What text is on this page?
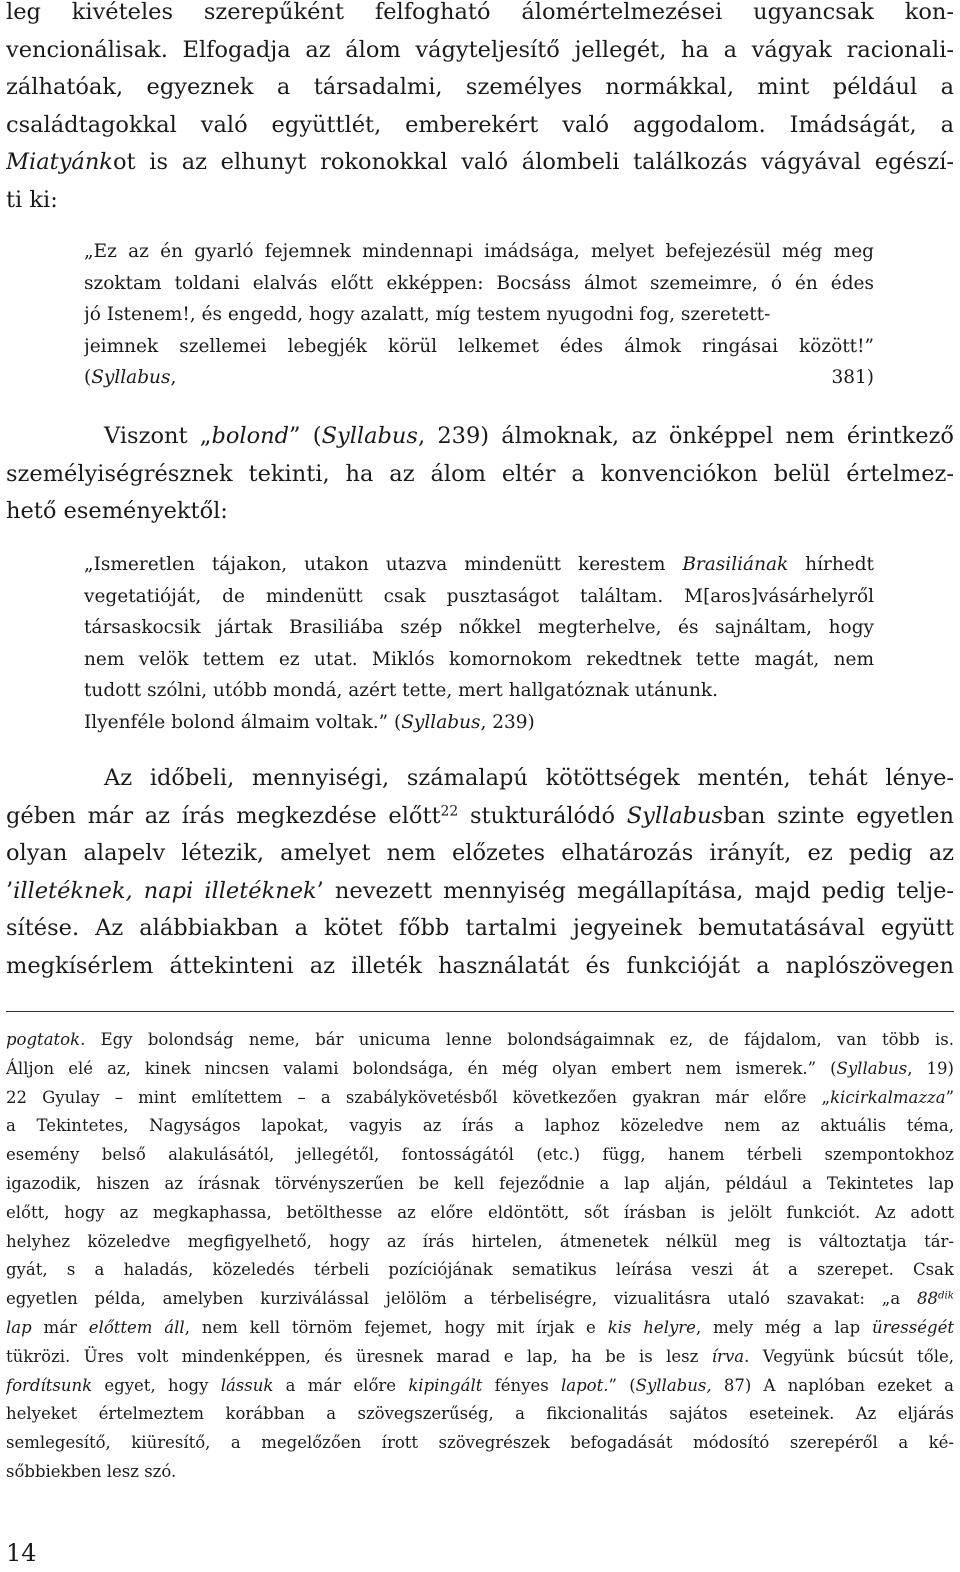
leg kivételes szerepűként felfogható álomértelmezései ugyancsak kon-
vencionálisak. Elfogadja az álom vágyteljesítő jellegét, ha a vágyak racionali-
zálhatóak, egyeznek a társadalmi, személyes normákkal, mint például a
családtagokkal való együttlét, emberekért való aggodalom. Imádságát, a
Miatyánkot is az elhunyt rokonokkal való álombeli találkozás vágyával egészí-
ti ki:
„Ez az én gyarló fejemnek mindennapi imádsága, melyet befejezésül még meg
szoktam toldani elalvás előtt ekképpen: Bocsáss álmot szemeimre, ó én édes
jó Istenem!, és engedd, hogy azalatt, míg testem nyugodni fog, szeretett-
jeimnek szellemei lebegjék körül lelkemet édes álmok ringásai között!”
(Syllabus, 381)
Viszont „bolond” (Syllabus, 239) álmoknak, az önképpel nem érintkező
személyiségrésznek tekinti, ha az álom eltér a konvenciókon belül értelmez-
hető eseményektől:
„Ismeretlen tájakon, utakon utazva mindenütt kerestem Brasiliának hírhedt
vegetatióját, de mindenütt csak pusztaságot találtam. M[aros]vásárhelyről
társaskocsik jártak Brasiliába szép nőkkel megterhelve, és sajnáltam, hogy
nem velök tettem ez utat. Miklós komornokom rekedtnek tette magát, nem
tudott szólni, utóbb mondá, azért tette, mert hallgatóznak utánunk.
Ilyenféle bolond álmaim voltak.” (Syllabus, 239)
Az időbeli, mennyiségi, számalapú kötöttségek mentén, tehát lénye-
gében már az írás megkezdése előtt$^{22}$ stukturálódó Syllabusban szinte egyetlen
olyan alapelv létezik, amelyet nem előzetes elhatározás irányít, ez pedig az
’illetéknek, napi illetéknek’ nevezett mennyiség megállapítása, majd pedig telje-
sítése. Az alábbiakban a kötet főbb tartalmi jegyeinek bemutatásával együtt
megkísérlem áttekinteni az illeték használatát és funkcióját a naplószövegen
pogtatok. Egy bolondság neme, bár unicuma lenne bolondságaimnak ez, de fájdalom, van több is.
Álljon elé az, kinek nincsen valami bolondsága, én még olyan embert nem ismerek.” (Syllabus, 19)
22 Gyulay – mint említettem – a szabálykövetésből következően gyakran már előre „kicirkalmazza”
a Tekintetes, Nagyságos lapokat, vagyis az írás a laphoz közeledve nem az aktuális téma,
esemény belső alakulásától, jellegétől, fontosságától (etc.) függ, hanem térbeli szempontokhoz
igazodik, hiszen az írásnak törvényszerűen be kell fejeződnie a lap alján, például a Tekintetes lap
előtt, hogy az megkaphassa, betölthesse az előre eldöntött, sőt írásban is jelölt funkciót. Az adott
helyhez közeledve megfigyelhető, hogy az írás hirtelen, átmenetek nélkül meg is változtatja tár-
gyát, s a haladás, közeledés térbeli pozíciójának sematikus leírása veszi át a szerepet. Csak
egyetlen példa, amelyben kurziválással jelölöm a térbeliségre, vizualitásra utaló szavakat: „a $88^{dik}$
lap már előttem áll, nem kell törnöm fejemet, hogy mit írjak e kis helyre, mely még a lap ürességét
tükrözi. Üres volt mindenképpen, és üresnek marad e lap, ha be is lesz írva. Vegyünk búcsút tőle,
fordítsunk egyet, hogy lássuk a már előre kipingált fényes lapot.” (Syllabus, 87) A naplóban ezeket a
helyeket értelmeztem korábban a szövegszerűség, a fikcionalitás sajátos eseteinek. Az eljárás
semlegesítő, kiüresítő, a megelőzően írott szövegrészek befogadását módosító szerepéről a ké-
sőbbiekben lesz szó.
14
